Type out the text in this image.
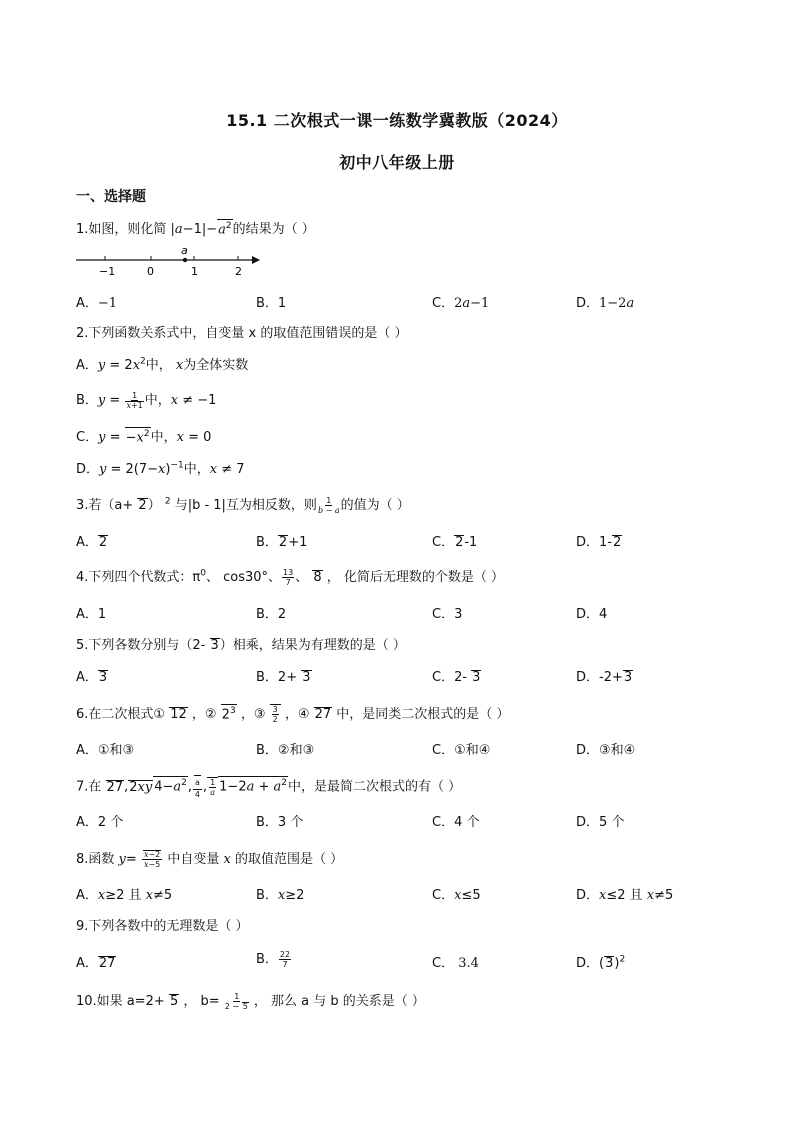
15.1 二次根式一课一练数学冀教版（2024）
初中八年级上册
一、选择题
1.如图，则化简 $|a-1|-a^2$的结果为（ ）
a
−1	0	1	2
A．−1	B．1	C．2a−1	D．1−2a
2.下列函数关系式中，自变量 x 的取值范围错误的是（ ）
A．$y = 2x^2$中， x为全体实数
B．$y = \frac{1}{x+1}$ 中，x ≠ −1
C．$y = -x^2$中，x = 0
D．$y = 2(7-x)^{-1}$中，x ≠ 7
3.若（a+ 2） $^2$ 与|b - 1|互为相反数，则 $\frac{1}{b - a}$ 的值为（ ）
A．2	B．2+1	C．2-1	D．1-2
4.下列四个代数式：$\pi^0$、 cos30°、 $\frac{13}{7}$ 、 8 ， 化简后无理数的个数是（ ）
A．1	B．2	C．3	D．4
5.下列各数分别与（2- 3）相乘，结果为有理数的是（ ）
A．3	B．2+ 3	C．2- 3	D．-2+3
6.在二次根式① 12 ，② $2^3$ ，③ $\frac{3}{2}$ ，④ 27 中，是同类二次根式的是（ ）
A．①和③	B．②和③	C．①和④	D．③和④
7.在 27,2xy $4-a^2$, $\frac{a}{4}$ , $\frac{1}{a} 1-2a + a^2$中，是最简二次根式的有（ ）
A．2 个	B．3 个	C．4 个	D．5 个
8.函数 $y= \frac{x-2}{x-5}$ 中自变量 x 的取值范围是（ ）
A．x≥2 且 x≠5	B．x≥2	C．x≤5	D．x≤2 且 x≠5
9.下列各数中的无理数是（ ）
A．27	B． $\frac{22}{7}$	C． 3.4	D．$(3)^2$
10.如果 a=2+ 5 ， $b= \frac{1}{2 - 5}$ ， 那么 a 与 b 的关系是（ ）
